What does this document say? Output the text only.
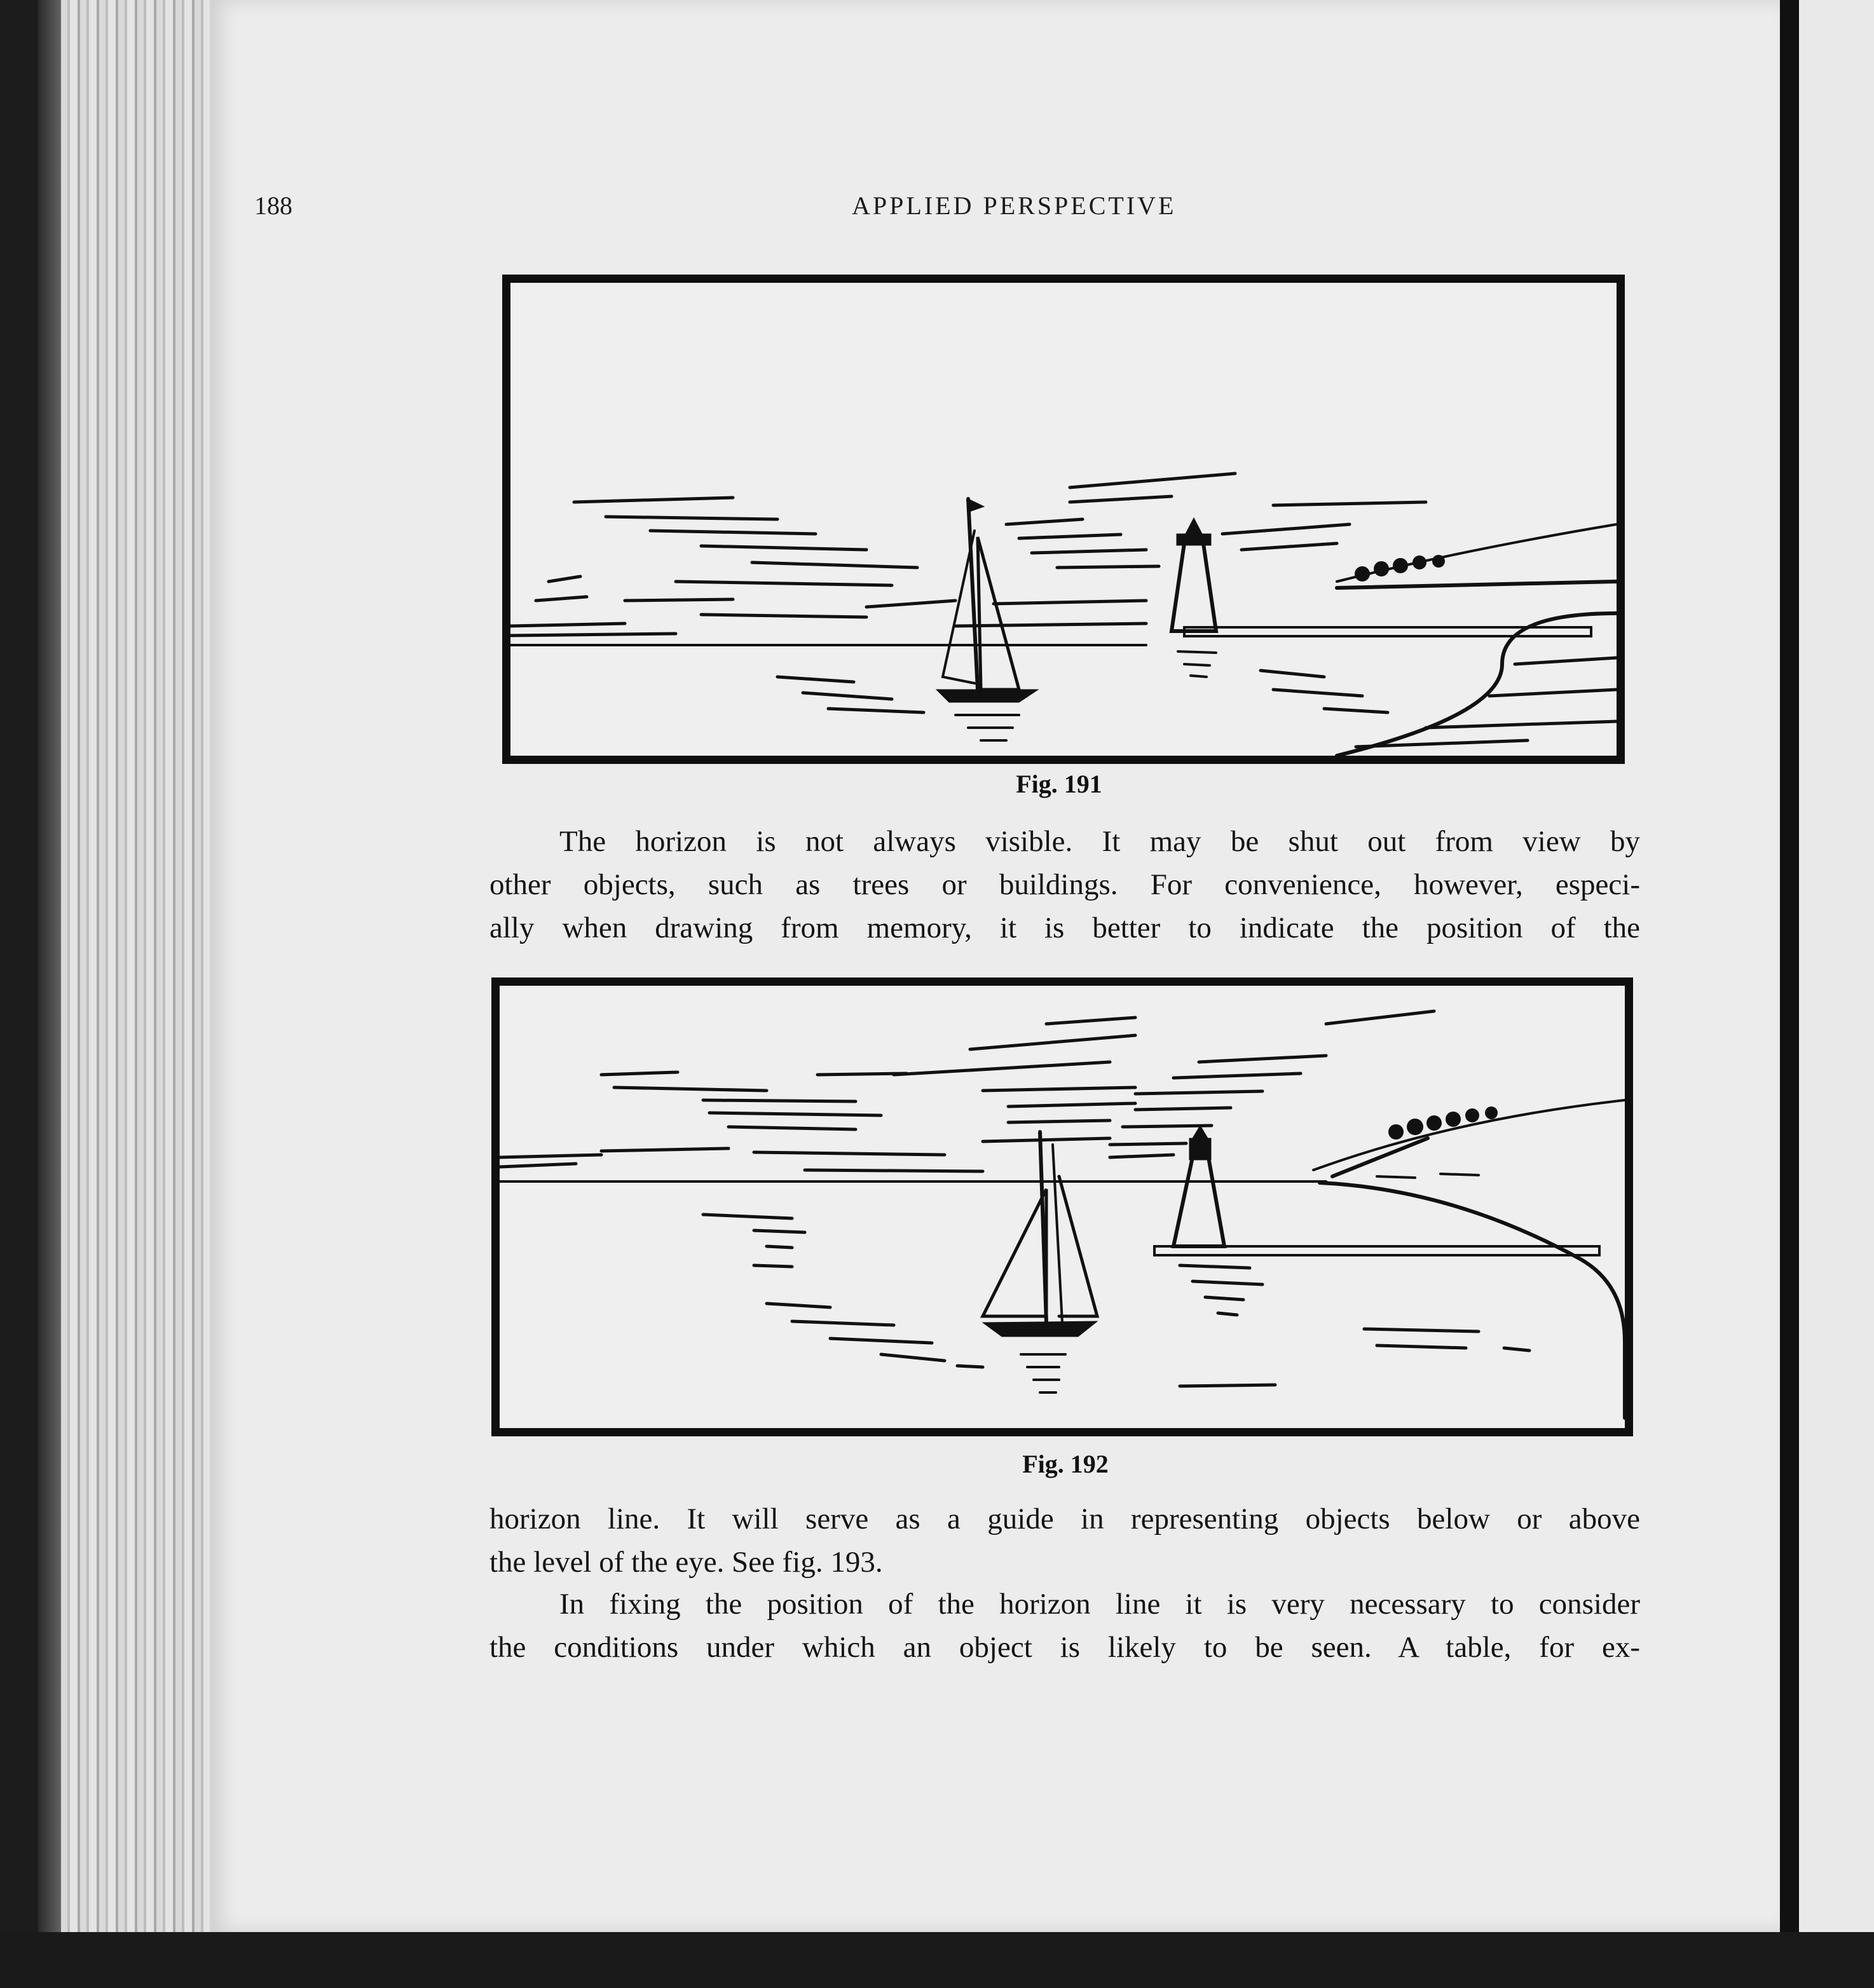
188	APPLIED PERSPECTIVE

Fig. 191

The horizon is not always visible. It may be shut out from view by
other objects, such as trees or buildings. For convenience, however, especi-
ally when drawing from memory, it is better to indicate the position of the

Fig. 192

horizon line. It will serve as a guide in representing objects below or above
the level of the eye. See fig. 193.

In fixing the position of the horizon line it is very necessary to consider
the conditions under which an object is likely to be seen. A table, for ex-
